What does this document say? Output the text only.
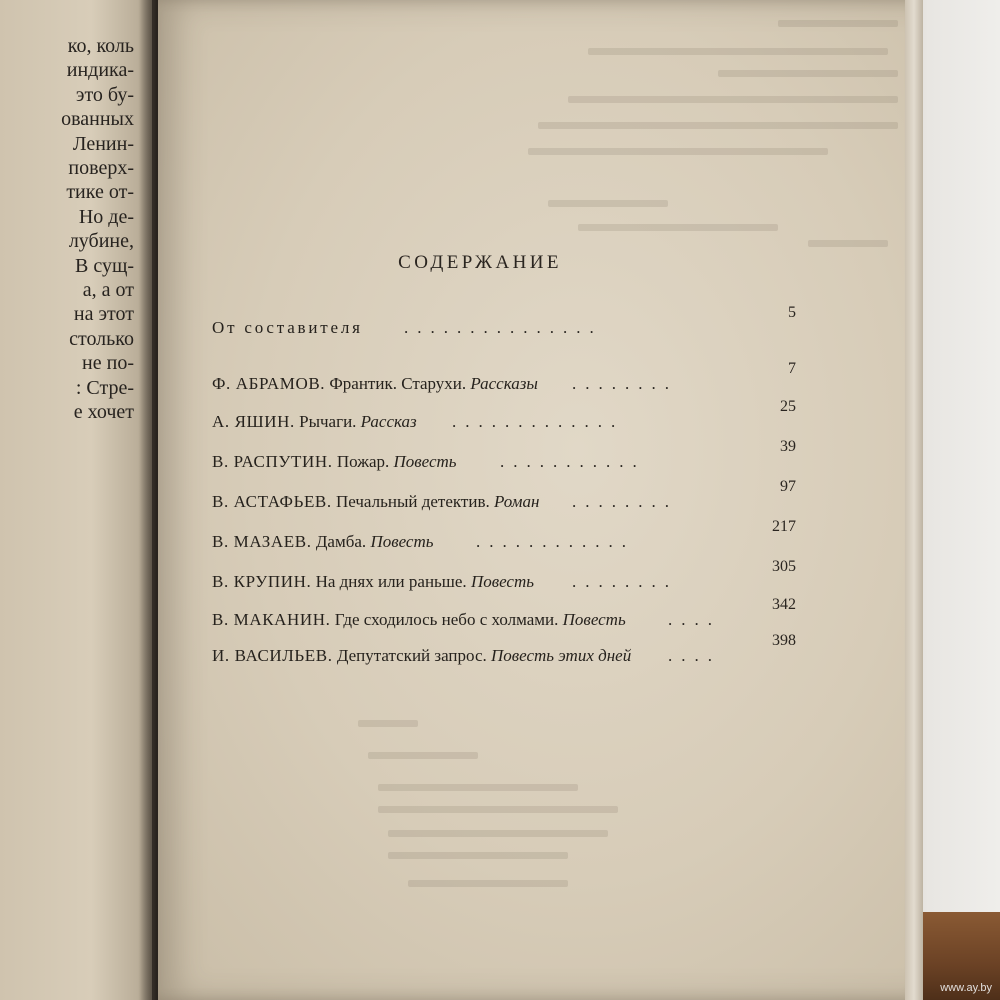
ко, коль
индика-
это бу-
ованных
Ленин-
поверх-
тике от-
Но де-
лубине,
В сущ-
а, а от
на этот
столько
не по-
: Стре-
е хочет
СОДЕРЖАНИЕ
От составителя
5
...............
Ф. АБРАМОВ. Франтик. Старухи. Рассказы
7
........
А. ЯШИН. Рычаги. Рассказ
25
.............
В. РАСПУТИН. Пожар. Повесть
39
...........
В. АСТАФЬЕВ. Печальный детектив. Роман
97
........
В. МАЗАЕВ. Дамба. Повесть
217
............
В. КРУПИН. На днях или раньше. Повесть
305
........
В. МАКАНИН. Где сходилось небо с холмами. Повесть
342
....
И. ВАСИЛЬЕВ. Депутатский запрос. Повесть этих дней
398
....
www.ay.by
